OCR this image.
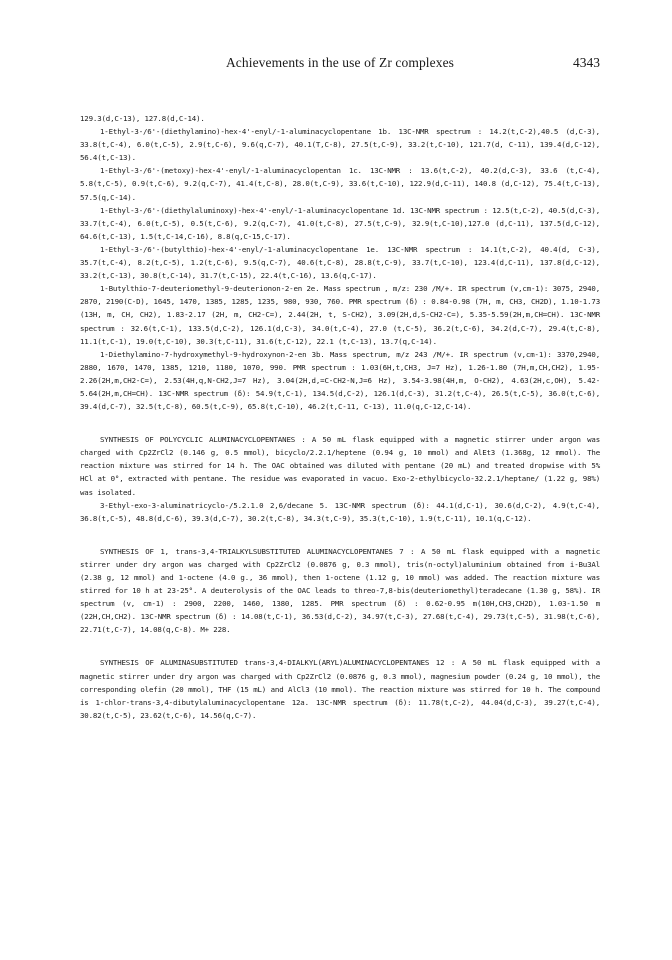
Achievements in the use of Zr complexes	4343

129.3(d,C-13), 127.8(d,C-14).

1-Ethyl-3-/6'-(diethylamino)-hex-4'-enyl/-1-aluminacyclopentane 1b. 13C-NMR spectrum : 14.2(t,C-2),40.5 (d,C-3), 33.8(t,C-4), 6.0(t,C-5), 2.9(t,C-6), 9.6(q,C-7), 40.1(T,C-8), 27.5(t,C-9), 33.2(t,C-10), 121.7(d, C-11), 139.4(d,C-12), 56.4(t,C-13).

1-Ethyl-3-/6'-(metoxy)-hex-4'-enyl/-1-aluminacyclopentan 1c. 13C-NMR : 13.6(t,C-2), 40.2(d,C-3), 33.6 (t,C-4), 5.8(t,C-5), 0.9(t,C-6), 9.2(q,C-7), 41.4(t,C-8), 28.0(t,C-9), 33.6(t,C-10), 122.9(d,C-11), 140.8 (d,C-12), 75.4(t,C-13), 57.5(q,C-14).

1-Ethyl-3-/6'-(diethylaluminoxy)-hex-4'-enyl/-1-aluminacyclopentane 1d. 13C-NMR spectrum : 12.5(t,C-2), 40.5(d,C-3), 33.7(t,C-4), 6.0(t,C-5), 0.5(t,C-6), 9.2(q,C-7), 41.0(t,C-8), 27.5(t,C-9), 32.9(t,C-10),127.0 (d,C-11), 137.5(d,C-12), 64.6(t,C-13), 1.5(t,C-14,C-16), 8.8(q,C-15,C-17).

1-Ethyl-3-/6'-(butylthio)-hex-4'-enyl/-1-aluminacyclopentane 1e. 13C-NMR spectrum : 14.1(t,C-2), 40.4(d, C-3), 35.7(t,C-4), 8.2(t,C-5), 1.2(t,C-6), 9.5(q,C-7), 40.6(t,C-8), 28.8(t,C-9), 33.7(t,C-10), 123.4(d,C-11), 137.8(d,C-12), 33.2(t,C-13), 30.8(t,C-14), 31.7(t,C-15), 22.4(t,C-16), 13.6(q,C-17).

1-Butylthio-7-deuteriomethyl-9-deuterionon-2-en 2e. Mass spectrum , m/z: 230 /M/+. IR spectrum (v,cm-1): 3075, 2940, 2870, 2190(C-D), 1645, 1470, 1385, 1285, 1235, 980, 930, 760. PMR spectrum (δ) : 0.84-0.98 (7H, m, CH3, CH2D), 1.10-1.73 (13H, m, CH, CH2), 1.83-2.17 (2H, m, CH2-C=), 2.44(2H, t, S-CH2), 3.09(2H,d,S-CH2-C=), 5.35-5.59(2H,m,CH=CH). 13C-NMR spectrum : 32.6(t,C-1), 133.5(d,C-2), 126.1(d,C-3), 34.0(t,C-4), 27.0 (t,C-5), 36.2(t,C-6), 34.2(d,C-7), 29.4(t,C-8), 11.1(t,C-1), 19.0(t,C-10), 30.3(t,C-11), 31.6(t,C-12), 22.1 (t,C-13), 13.7(q,C-14).

1-Diethylamino-7-hydroxymethyl-9-hydroxynon-2-en 3b. Mass spectrum, m/z 243 /M/+. IR spectrum (v,cm-1): 3370,2940, 2880, 1670, 1470, 1385, 1210, 1180, 1070, 990. PMR spectrum : 1.03(6H,t,CH3, J=7 Hz), 1.26-1.80 (7H,m,CH,CH2), 1.95-2.26(2H,m,CH2-C=), 2.53(4H,q,N-CH2,J=7 Hz), 3.04(2H,d,=C-CH2-N,J=6 Hz), 3.54-3.98(4H,m, O-CH2), 4.63(2H,c,OH), 5.42-5.64(2H,m,CH=CH). 13C-NMR spectrum (δ): 54.9(t,C-1), 134.5(d,C-2), 126.1(d,C-3), 31.2(t,C-4), 26.5(t,C-5), 36.0(t,C-6), 39.4(d,C-7), 32.5(t,C-8), 60.5(t,C-9), 65.8(t,C-10), 46.2(t,C-11, C-13), 11.0(q,C-12,C-14).

SYNTHESIS OF POLYCYCLIC ALUMINACYCLOPENTANES : A 50 mL flask equipped with a magnetic stirrer under argon was charged with Cp2ZrCl2 (0.146 g, 0.5 mmol), bicyclo/2.2.1/heptene (0.94 g, 10 mmol) and AlEt3 (1.368g, 12 mmol). The reaction mixture was stirred for 14 h. The OAC obtained was diluted with pentane (20 mL) and treated dropwise with 5% HCl at 0°, extracted with pentane. The residue was evaporated in vacuo. Exo-2-ethylbicyclo-32.2.1/heptane/ (1.22 g, 98%) was isolated.

3-Ethyl-exo-3-aluminatricyclo-/5.2.1.0 2,6/decane 5. 13C-NMR spectrum (δ): 44.1(d,C-1), 30.6(d,C-2), 4.9(t,C-4), 36.8(t,C-5), 48.8(d,C-6), 39.3(d,C-7), 30.2(t,C-8), 34.3(t,C-9), 35.3(t,C-10), 1.9(t,C-11), 10.1(q,C-12).

SYNTHESIS OF 1, trans-3,4-TRIALKYLSUBSTITUTED ALUMINACYCLOPENTANES 7 : A 50 mL flask equipped with a magnetic stirrer under dry argon was charged with Cp2ZrCl2 (0.0876 g, 0.3 mmol), tris(n-octyl)aluminium obtained from i-Bu3Al (2.38 g, 12 mmol) and 1-octene (4.0 g., 36 mmol), then 1-octene (1.12 g, 10 mmol) was added. The reaction mixture was stirred for 10 h at 23-25°. A deuterolysis of the OAC leads to threo-7,8-bis(deuteriomethyl)teradecane (1.30 g, 58%). IR spectrum (v, cm-1) : 2900, 2200, 1460, 1380, 1285. PMR spectrum (δ) : 0.62-0.95 m(10H,CH3,CH2D), 1.03-1.50 m (22H,CH,CH2). 13C-NMR spectrum (δ) : 14.08(t,C-1), 36.53(d,C-2), 34.97(t,C-3), 27.68(t,C-4), 29.73(t,C-5), 31.98(t,C-6), 22.71(t,C-7), 14.08(q,C-8). M+ 228.

SYNTHESIS OF ALUMINASUBSTITUTED trans-3,4-DIALKYL(ARYL)ALUMINACYCLOPENTANES 12 : A 50 mL flask equipped with a magnetic stirrer under dry argon was charged with Cp2ZrCl2 (0.0876 g, 0.3 mmol), magnesium powder (0.24 g, 10 mmol), the corresponding olefin (20 mmol), THF (15 mL) and AlCl3 (10 mmol). The reaction mixture was stirred for 10 h. The compound is 1-chlor-trans-3,4-dibutylaluminacyclopentane 12a. 13C-NMR spectrum (δ): 11.78(t,C-2), 44.04(d,C-3), 39.27(t,C-4), 30.82(t,C-5), 23.62(t,C-6), 14.56(q,C-7).
